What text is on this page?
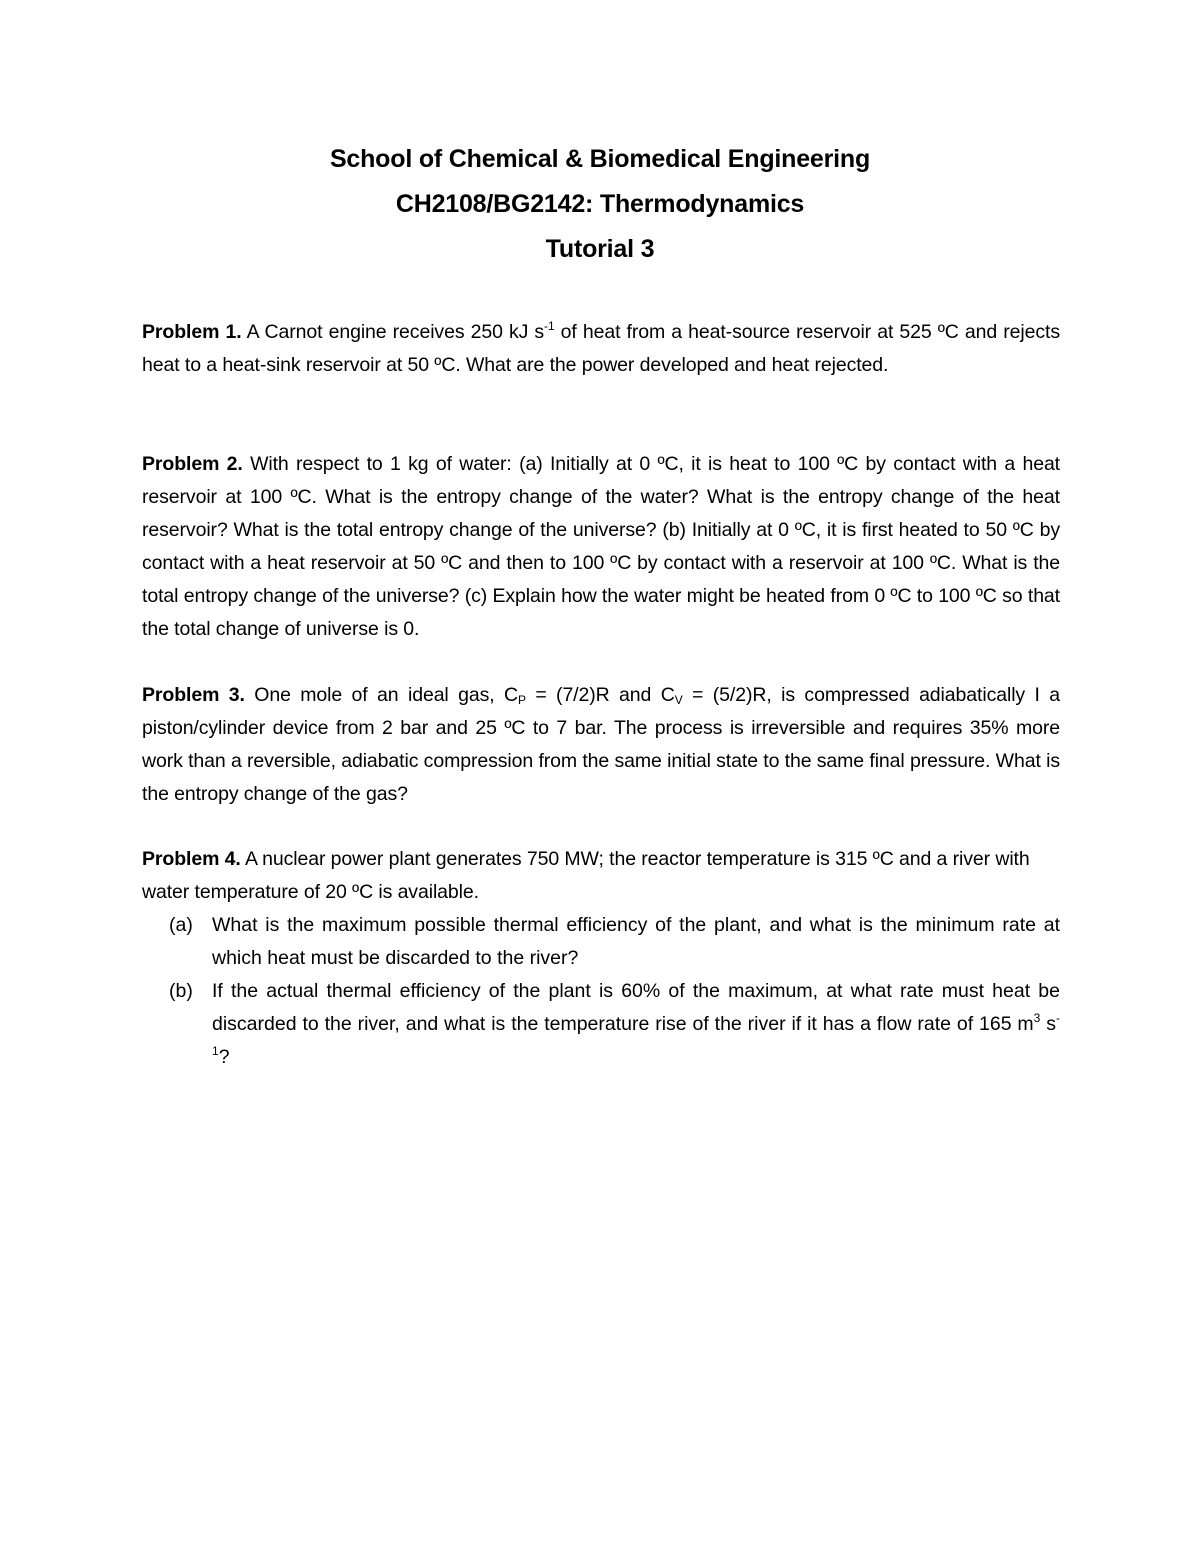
School of Chemical & Biomedical Engineering
CH2108/BG2142: Thermodynamics
Tutorial 3
Problem 1. A Carnot engine receives 250 kJ $s^{-1}$ of heat from a heat-source reservoir at 525 ºC and rejects heat to a heat-sink reservoir at 50 ºC. What are the power developed and heat rejected.
Problem 2. With respect to 1 kg of water: (a) Initially at 0 ºC, it is heat to 100 ºC by contact with a heat reservoir at 100 ºC. What is the entropy change of the water? What is the entropy change of the heat reservoir? What is the total entropy change of the universe? (b) Initially at 0 ºC, it is first heated to 50 ºC by contact with a heat reservoir at 50 ºC and then to 100 ºC by contact with a reservoir at 100 ºC. What is the total entropy change of the universe? (c) Explain how the water might be heated from 0 ºC to 100 ºC so that the total change of universe is 0.
Problem 3. One mole of an ideal gas, $C_P = (7/2)R$ and $C_V = (5/2)R$, is compressed adiabatically I a piston/cylinder device from 2 bar and 25 ºC to 7 bar. The process is irreversible and requires 35% more work than a reversible, adiabatic compression from the same initial state to the same final pressure. What is the entropy change of the gas?
Problem 4. A nuclear power plant generates 750 MW; the reactor temperature is 315 ºC and a river with water temperature of 20 ºC is available.
(a) What is the maximum possible thermal efficiency of the plant, and what is the minimum rate at which heat must be discarded to the river?
(b) If the actual thermal efficiency of the plant is 60% of the maximum, at what rate must heat be discarded to the river, and what is the temperature rise of the river if it has a flow rate of 165 $m^3$ $s^{-1}$?
